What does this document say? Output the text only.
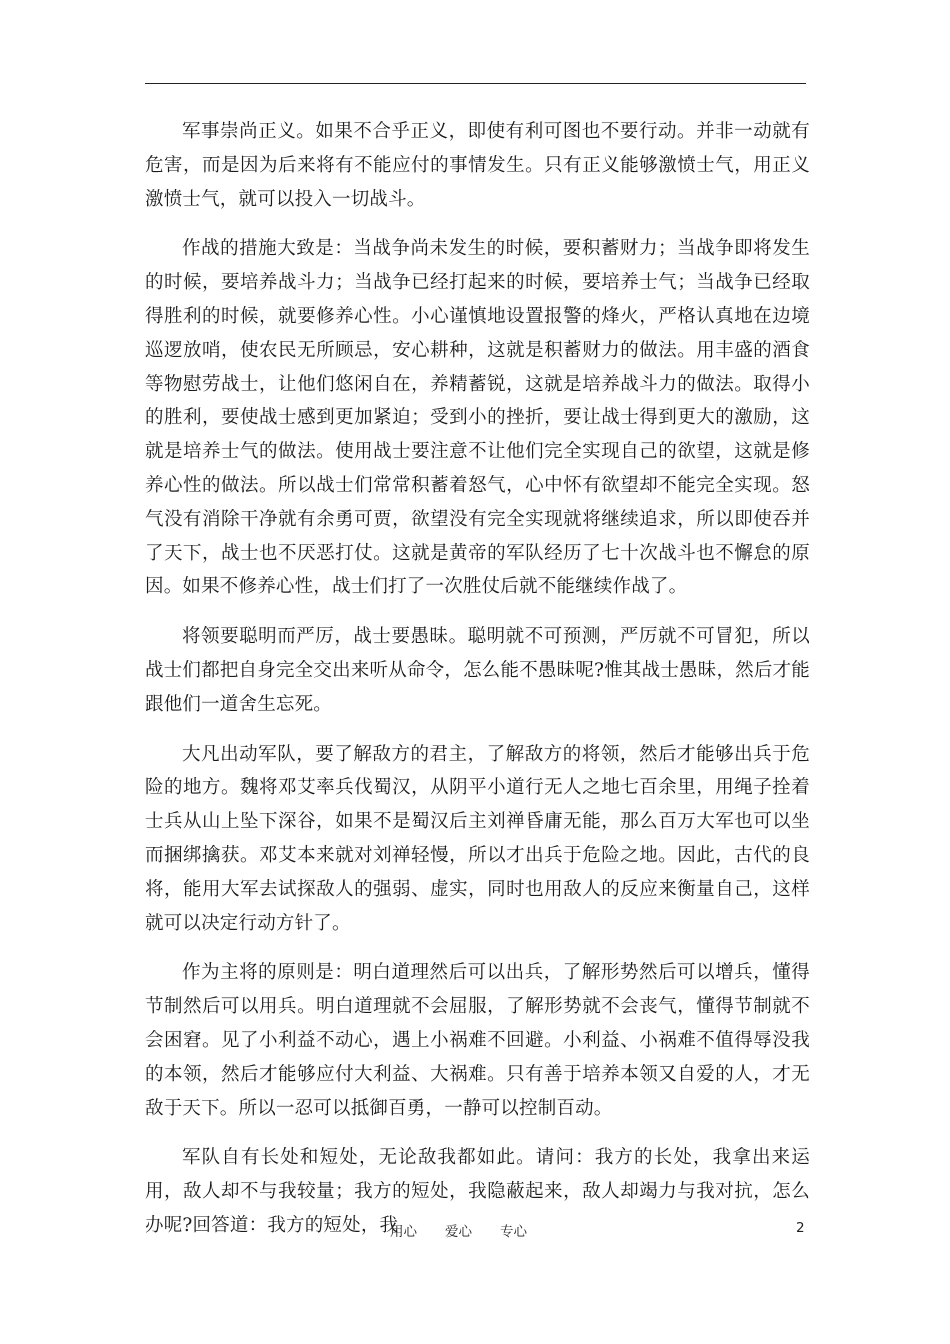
军事崇尚正义。如果不合乎正义，即使有利可图也不要行动。并非一动就有危害，而是因为后来将有不能应付的事情发生。只有正义能够激愤士气，用正义激愤士气，就可以投入一切战斗。

作战的措施大致是：当战争尚未发生的时候，要积蓄财力；当战争即将发生的时候，要培养战斗力；当战争已经打起来的时候，要培养士气；当战争已经取得胜利的时候，就要修养心性。小心谨慎地设置报警的烽火，严格认真地在边境巡逻放哨，使农民无所顾忌，安心耕种，这就是积蓄财力的做法。用丰盛的酒食等物慰劳战士，让他们悠闲自在，养精蓄锐，这就是培养战斗力的做法。取得小的胜利，要使战士感到更加紧迫；受到小的挫折，要让战士得到更大的激励，这就是培养士气的做法。使用战士要注意不让他们完全实现自己的欲望，这就是修养心性的做法。所以战士们常常积蓄着怒气，心中怀有欲望却不能完全实现。怒气没有消除干净就有余勇可贾，欲望没有完全实现就将继续追求，所以即使吞并了天下，战士也不厌恶打仗。这就是黄帝的军队经历了七十次战斗也不懈怠的原因。如果不修养心性，战士们打了一次胜仗后就不能继续作战了。

将领要聪明而严厉，战士要愚昧。聪明就不可预测，严厉就不可冒犯，所以战士们都把自身完全交出来听从命令，怎么能不愚昧呢?惟其战士愚昧，然后才能跟他们一道舍生忘死。

大凡出动军队，要了解敌方的君主，了解敌方的将领，然后才能够出兵于危险的地方。魏将邓艾率兵伐蜀汉，从阴平小道行无人之地七百余里，用绳子拴着士兵从山上坠下深谷，如果不是蜀汉后主刘禅昏庸无能，那么百万大军也可以坐而捆绑擒获。邓艾本来就对刘禅轻慢，所以才出兵于危险之地。因此，古代的良将，能用大军去试探敌人的强弱、虚实，同时也用敌人的反应来衡量自己，这样就可以决定行动方针了。

作为主将的原则是：明白道理然后可以出兵，了解形势然后可以增兵，懂得节制然后可以用兵。明白道理就不会屈服，了解形势就不会丧气，懂得节制就不会困窘。见了小利益不动心，遇上小祸难不回避。小利益、小祸难不值得辱没我的本领，然后才能够应付大利益、大祸难。只有善于培养本领又自爱的人，才无敌于天下。所以一忍可以抵御百勇，一静可以控制百动。

军队自有长处和短处，无论敌我都如此。请问：我方的长处，我拿出来运用，敌人却不与我较量；我方的短处，我隐蔽起来，敌人却竭力与我对抗，怎么办呢?回答道：我方的短处，我

用心 爱心 专心	2
